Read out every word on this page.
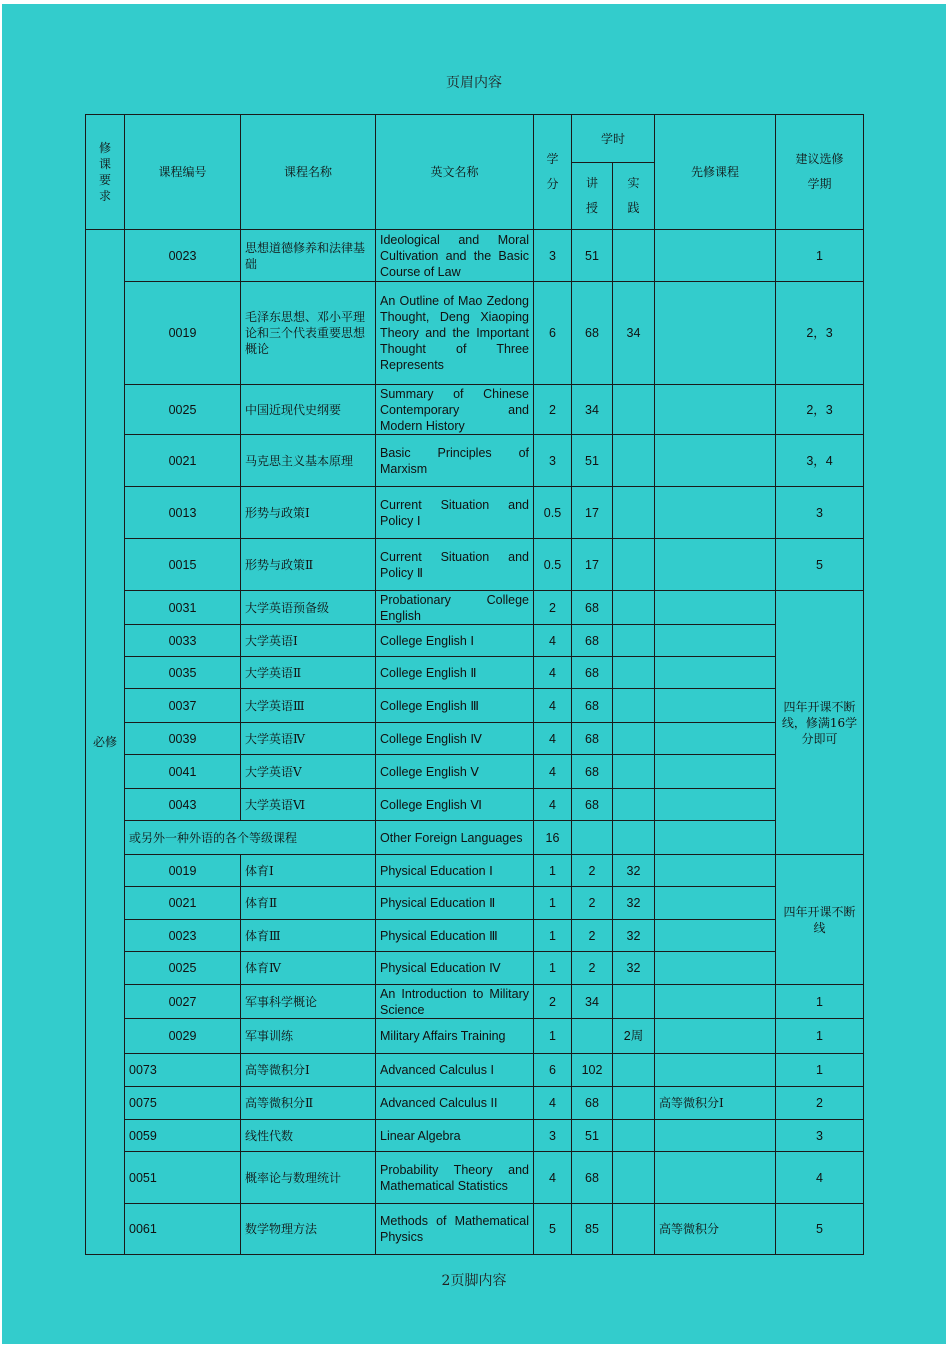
页眉内容
2页脚内容
修课要求	课程编号	课程名称	英文名称	学分	学时		先修课程	建议选修学期
					讲授	实践		
必修	0023	思想道德修养和法律基础	Ideological and Moral Cultivation and the Basic Course of Law	3	51			1
	0019	毛泽东思想、邓小平理论和三个代表重要思想概论	An Outline of Mao Zedong Thought, Deng Xiaoping Theory and the Important Thought of Three Represents	6	68	34		2，3
	0025	中国近现代史纲要	Summary of Chinese Contemporary and Modern History	2	34			2，3
	0021	马克思主义基本原理	Basic Principles of Marxism	3	51			3，4
	0013	形势与政策Ⅰ	Current Situation and Policy Ⅰ	0.5	17			3
	0015	形势与政策Ⅱ	Current Situation and Policy Ⅱ	0.5	17			5
	0031	大学英语预备级	Probationary College English	2	68			四年开课不断线，修满16学分即可
	0033	大学英语Ⅰ	College English Ⅰ	4	68			
	0035	大学英语Ⅱ	College English Ⅱ	4	68			
	0037	大学英语Ⅲ	College English Ⅲ	4	68			
	0039	大学英语Ⅳ	College English Ⅳ	4	68			
	0041	大学英语Ⅴ	College English Ⅴ	4	68			
	0043	大学英语Ⅵ	College English Ⅵ	4	68			
	或另外一种外语的各个等级课程		Other Foreign Languages	16				
	0019	体育Ⅰ	Physical Education Ⅰ	1	2	32		四年开课不断线
	0021	体育Ⅱ	Physical Education Ⅱ	1	2	32		
	0023	体育Ⅲ	Physical Education Ⅲ	1	2	32		
	0025	体育Ⅳ	Physical Education Ⅳ	1	2	32		
	0027	军事科学概论	An Introduction to Military Science	2	34			1
	0029	军事训练	Military Affairs Training	1		2周		1
	0073	高等微积分Ⅰ	Advanced Calculus I	6	102			1
	0075	高等微积分Ⅱ	Advanced Calculus II	4	68		高等微积分Ⅰ	2
	0059	线性代数	Linear Algebra	3	51			3
	0051	概率论与数理统计	Probability Theory and Mathematical Statistics	4	68			4
	0061	数学物理方法	Methods of Mathematical Physics	5	85		高等微积分	5
